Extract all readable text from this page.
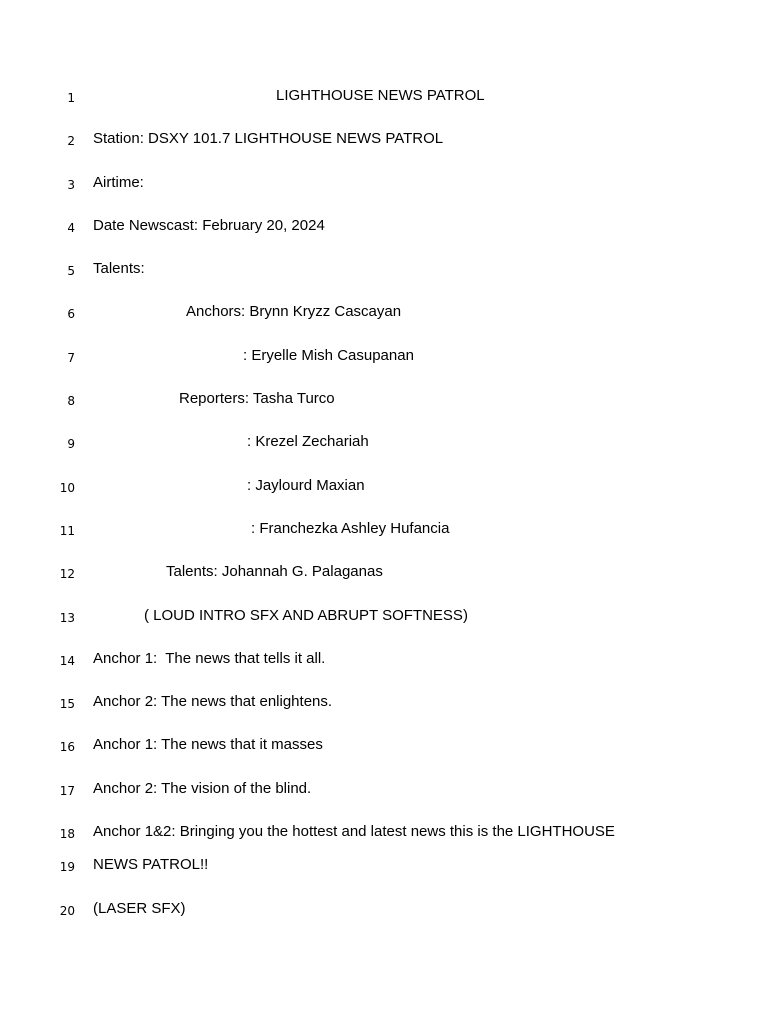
1	LIGHTHOUSE NEWS PATROL
2 Station: DSXY 101.7 LIGHTHOUSE NEWS PATROL
3 Airtime:
4 Date Newscast: February 20, 2024
5 Talents:
6	Anchors: Brynn Kryzz Cascayan
7	: Eryelle Mish Casupanan
8	Reporters: Tasha Turco
9	: Krezel Zechariah
10	: Jaylourd Maxian
11	: Franchezka Ashley Hufancia
12	Talents: Johannah G. Palaganas
13	( LOUD INTRO SFX AND ABRUPT SOFTNESS)
14 Anchor 1:  The news that tells it all.
15 Anchor 2: The news that enlightens.
16 Anchor 1: The news that it masses
17 Anchor 2: The vision of the blind.
18 Anchor 1&2: Bringing you the hottest and latest news this is the LIGHTHOUSE
19 NEWS PATROL!!
20 (LASER SFX)
